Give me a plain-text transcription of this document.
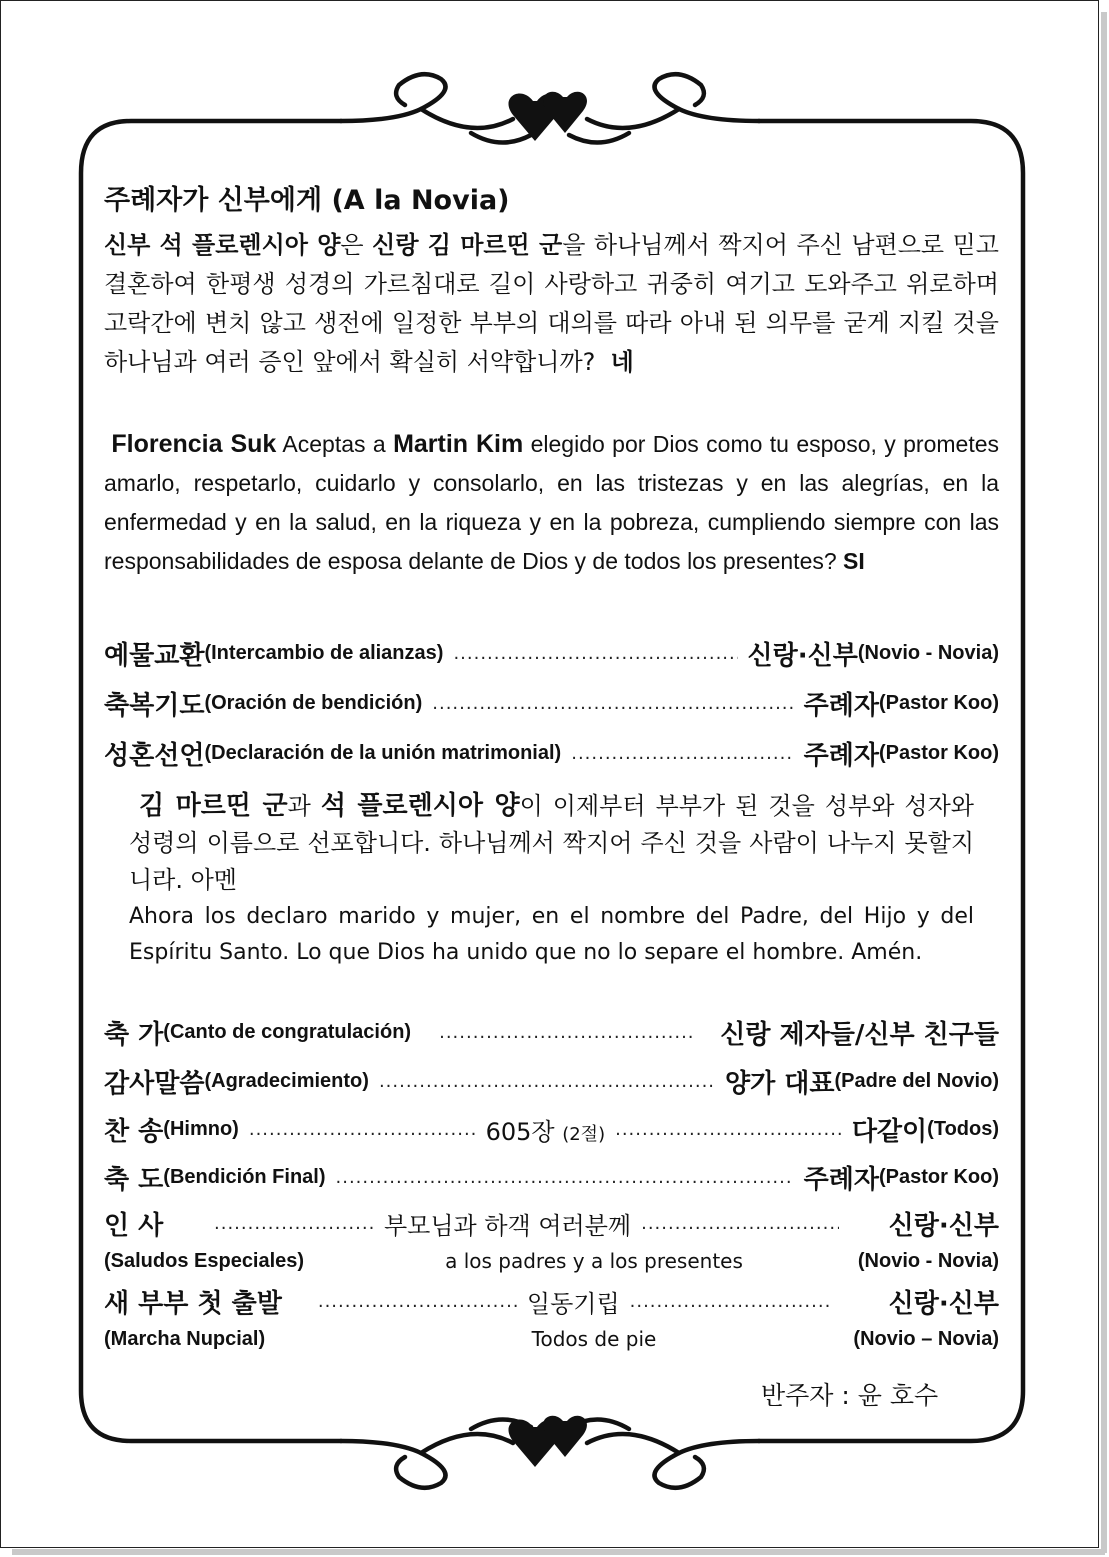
주례자가 신부에게 (A la Novia)
신부 석 플로렌시아 양은 신랑 김 마르띤 군을 하나님께서 짝지어 주신 남편으로 믿고 결혼하여 한평생 성경의 가르침대로 길이 사랑하고 귀중히 여기고 도와주고 위로하며 고락간에 변치 않고 생전에 일정한 부부의 대의를 따라 아내 된 의무를 굳게 지킬 것을 하나님과 여러 증인 앞에서 확실히 서약합니까? 네
Florencia Suk Aceptas a Martin Kim elegido por Dios como tu esposo, y prometes amarlo, respetarlo, cuidarlo y consolarlo, en las tristezas y en las alegrías, en la enfermedad y en la salud, en la riqueza y en la pobreza, cumpliendo siempre con las responsabilidades de esposa delante de Dios y de todos los presentes? SI
예물교환 (Intercambio de alianzas) .....	신랑·신부 (Novio - Novia)
축복기도 (Oración de bendición) .....	주례자 (Pastor Koo)
성혼선언 (Declaración de la unión matrimonial) .....	주례자 (Pastor Koo)
김 마르띤 군과 석 플로렌시아 양이 이제부터 부부가 된 것을 성부와 성자와 성령의 이름으로 선포합니다. 하나님께서 짝지어 주신 것을 사람이 나누지 못할지니라. 아멘
Ahora los declaro marido y mujer, en el nombre del Padre, del Hijo y del Espíritu Santo. Lo que Dios ha unido que no lo separe el hombre. Amén.
축 가 (Canto de congratulación) .....	신랑 제자들/신부 친구들
감사말씀 (Agradecimiento) .....	양가 대표 (Padre del Novio)
찬 송 (Himno) .....	605장 (2절) .....	다같이 (Todos)
축 도 (Bendición Final) .....	주례자 (Pastor Koo)
인 사 .....	부모님과 하객 여러분께 .....	신랑·신부
(Saludos Especiales)	a los padres y a los presentes	(Novio - Novia)
새 부부 첫 출발 .....	일동기립 .....	신랑·신부
(Marcha Nupcial)	Todos de pie	(Novio – Novia)
반주자 : 윤 호수
